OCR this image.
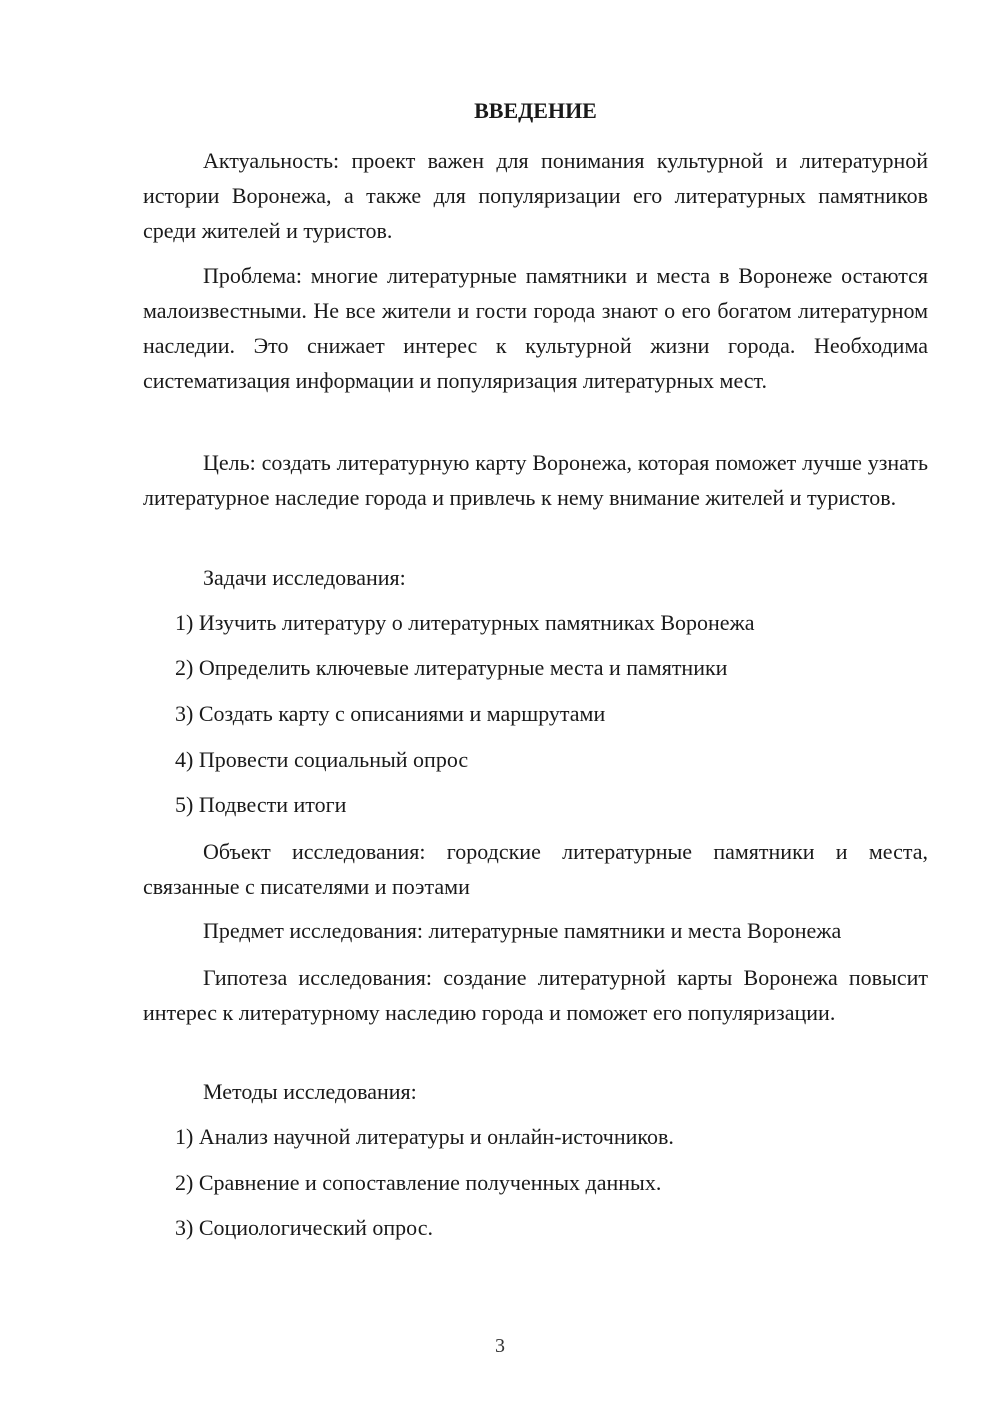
ВВЕДЕНИЕ

Актуальность: проект важен для понимания культурной и литературной истории Воронежа, а также для популяризации его литературных памятников среди жителей и туристов.

Проблема: многие литературные памятники и места в Воронеже остаются малоизвестными. Не все жители и гости города знают о его богатом литературном наследии. Это снижает интерес к культурной жизни города. Необходима систематизация информации и популяризация литературных мест.

Цель: создать литературную карту Воронежа, которая поможет лучше узнать литературное наследие города и привлечь к нему внимание жителей и туристов.

Задачи исследования:

1) Изучить литературу о литературных памятниках Воронежа

2) Определить ключевые литературные места и памятники

3) Создать карту с описаниями и маршрутами

4) Провести социальный опрос

5) Подвести итоги

Объект исследования: городские литературные памятники и места, связанные с писателями и поэтами

Предмет исследования: литературные памятники и места Воронежа

Гипотеза исследования: создание литературной карты Воронежа повысит интерес к литературному наследию города и поможет его популяризации.

Методы исследования:

1) Анализ научной литературы и онлайн-источников.

2) Сравнение и сопоставление полученных данных.

3) Социологический опрос.

3
